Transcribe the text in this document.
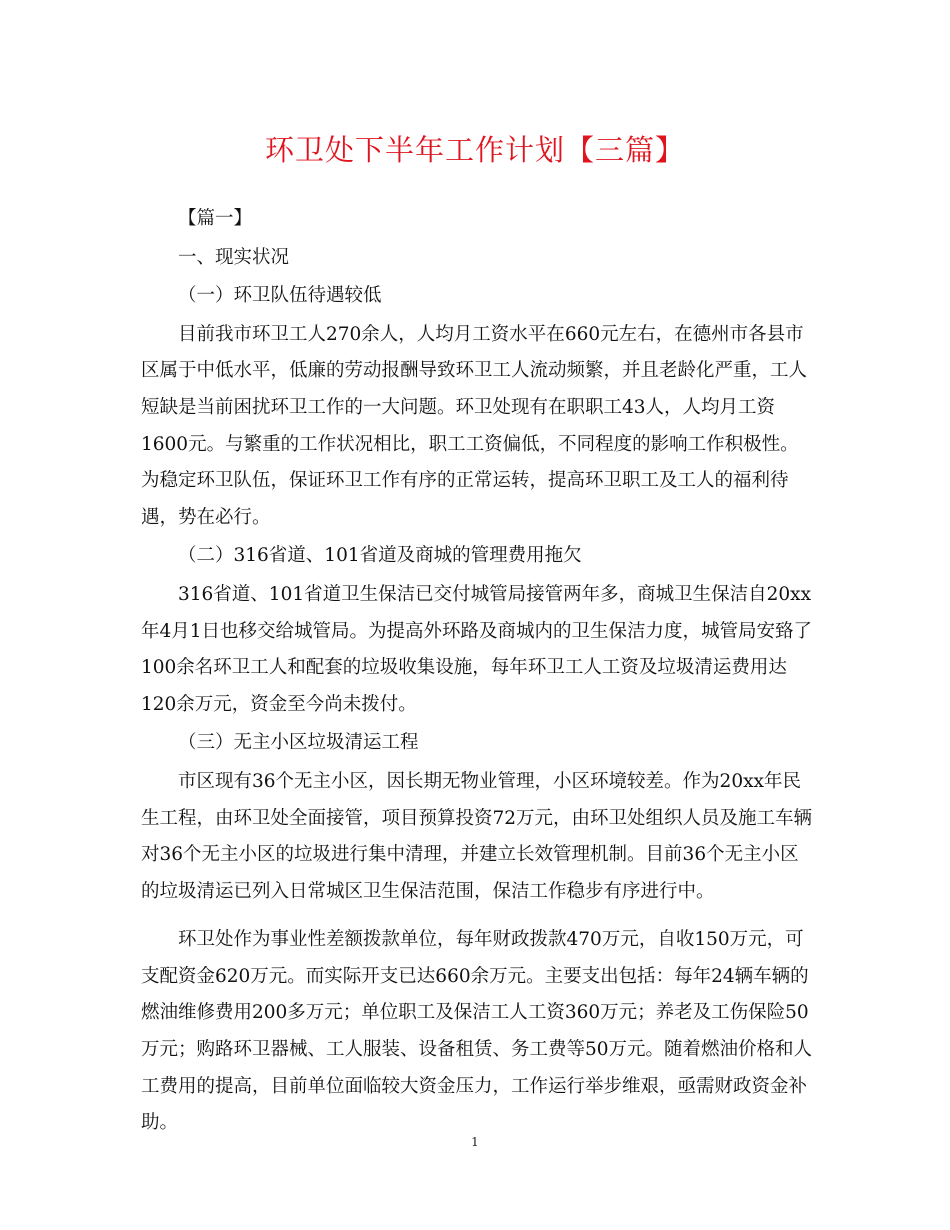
环卫处下半年工作计划【三篇】

【篇一】

一、现实状况

（一）环卫队伍待遇较低

目前我市环卫工人270余人，人均月工资水平在660元左右，在德州市各县市区属于中低水平，低廉的劳动报酬导致环卫工人流动频繁，并且老龄化严重，工人短缺是当前困扰环卫工作的一大问题。环卫处现有在职职工43人，人均月工资1600元。与繁重的工作状况相比，职工工资偏低，不同程度的影响工作积极性。为稳定环卫队伍，保证环卫工作有序的正常运转，提高环卫职工及工人的福利待遇，势在必行。

（二）316省道、101省道及商城的管理费用拖欠

316省道、101省道卫生保洁已交付城管局接管两年多，商城卫生保洁自20xx年4月1日也移交给城管局。为提高外环路及商城内的卫生保洁力度，城管局安臵了100余名环卫工人和配套的垃圾收集设施，每年环卫工人工资及垃圾清运费用达120余万元，资金至今尚未拨付。

（三）无主小区垃圾清运工程

市区现有36个无主小区，因长期无物业管理，小区环境较差。作为20xx年民生工程，由环卫处全面接管，项目预算投资72万元，由环卫处组织人员及施工车辆对36个无主小区的垃圾进行集中清理，并建立长效管理机制。目前36个无主小区的垃圾清运已列入日常城区卫生保洁范围，保洁工作稳步有序进行中。

环卫处作为事业性差额拨款单位，每年财政拨款470万元，自收150万元，可支配资金620万元。而实际开支已达660余万元。主要支出包括：每年24辆车辆的燃油维修费用200多万元；单位职工及保洁工人工资360万元；养老及工伤保险50万元；购路环卫器械、工人服装、设备租赁、务工费等50万元。随着燃油价格和人工费用的提高，目前单位面临较大资金压力，工作运行举步维艰，亟需财政资金补助。

1
